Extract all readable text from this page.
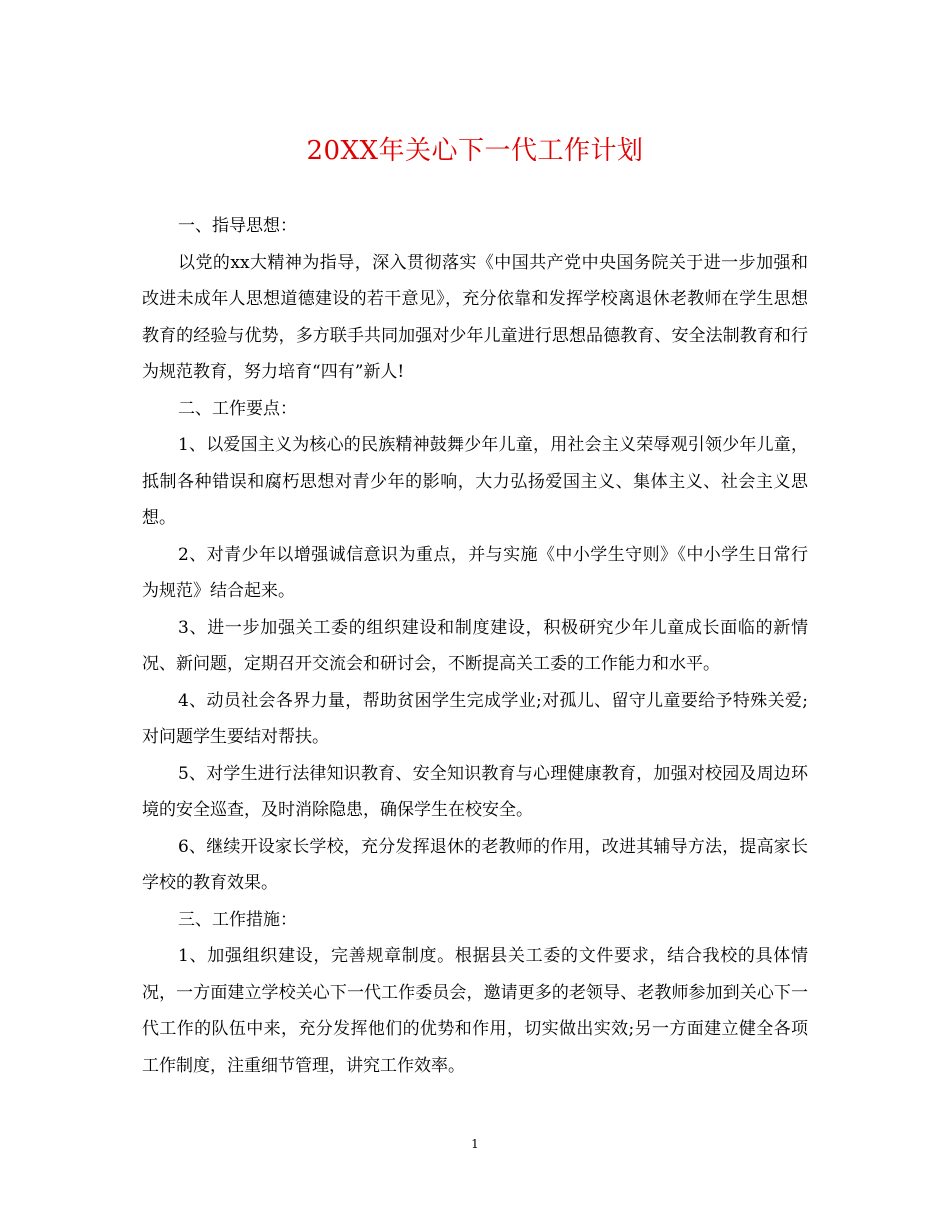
20XX年关心下一代工作计划

一、指导思想：

以党的xx大精神为指导，深入贯彻落实《中国共产党中央国务院关于进一步加强和改进未成年人思想道德建设的若干意见》，充分依靠和发挥学校离退休老教师在学生思想教育的经验与优势，多方联手共同加强对少年儿童进行思想品德教育、安全法制教育和行为规范教育，努力培育“四有”新人!

二、工作要点：

1、以爱国主义为核心的民族精神鼓舞少年儿童，用社会主义荣辱观引领少年儿童，抵制各种错误和腐朽思想对青少年的影响，大力弘扬爱国主义、集体主义、社会主义思想。

2、对青少年以增强诚信意识为重点，并与实施《中小学生守则》《中小学生日常行为规范》结合起来。

3、进一步加强关工委的组织建设和制度建设，积极研究少年儿童成长面临的新情况、新问题，定期召开交流会和研讨会，不断提高关工委的工作能力和水平。

4、动员社会各界力量，帮助贫困学生完成学业;对孤儿、留守儿童要给予特殊关爱;对问题学生要结对帮扶。

5、对学生进行法律知识教育、安全知识教育与心理健康教育，加强对校园及周边环境的安全巡查，及时消除隐患，确保学生在校安全。

6、继续开设家长学校，充分发挥退休的老教师的作用，改进其辅导方法，提高家长学校的教育效果。

三、工作措施：

1、加强组织建设，完善规章制度。根据县关工委的文件要求，结合我校的具体情况，一方面建立学校关心下一代工作委员会，邀请更多的老领导、老教师参加到关心下一代工作的队伍中来，充分发挥他们的优势和作用，切实做出实效;另一方面建立健全各项工作制度，注重细节管理，讲究工作效率。

1
